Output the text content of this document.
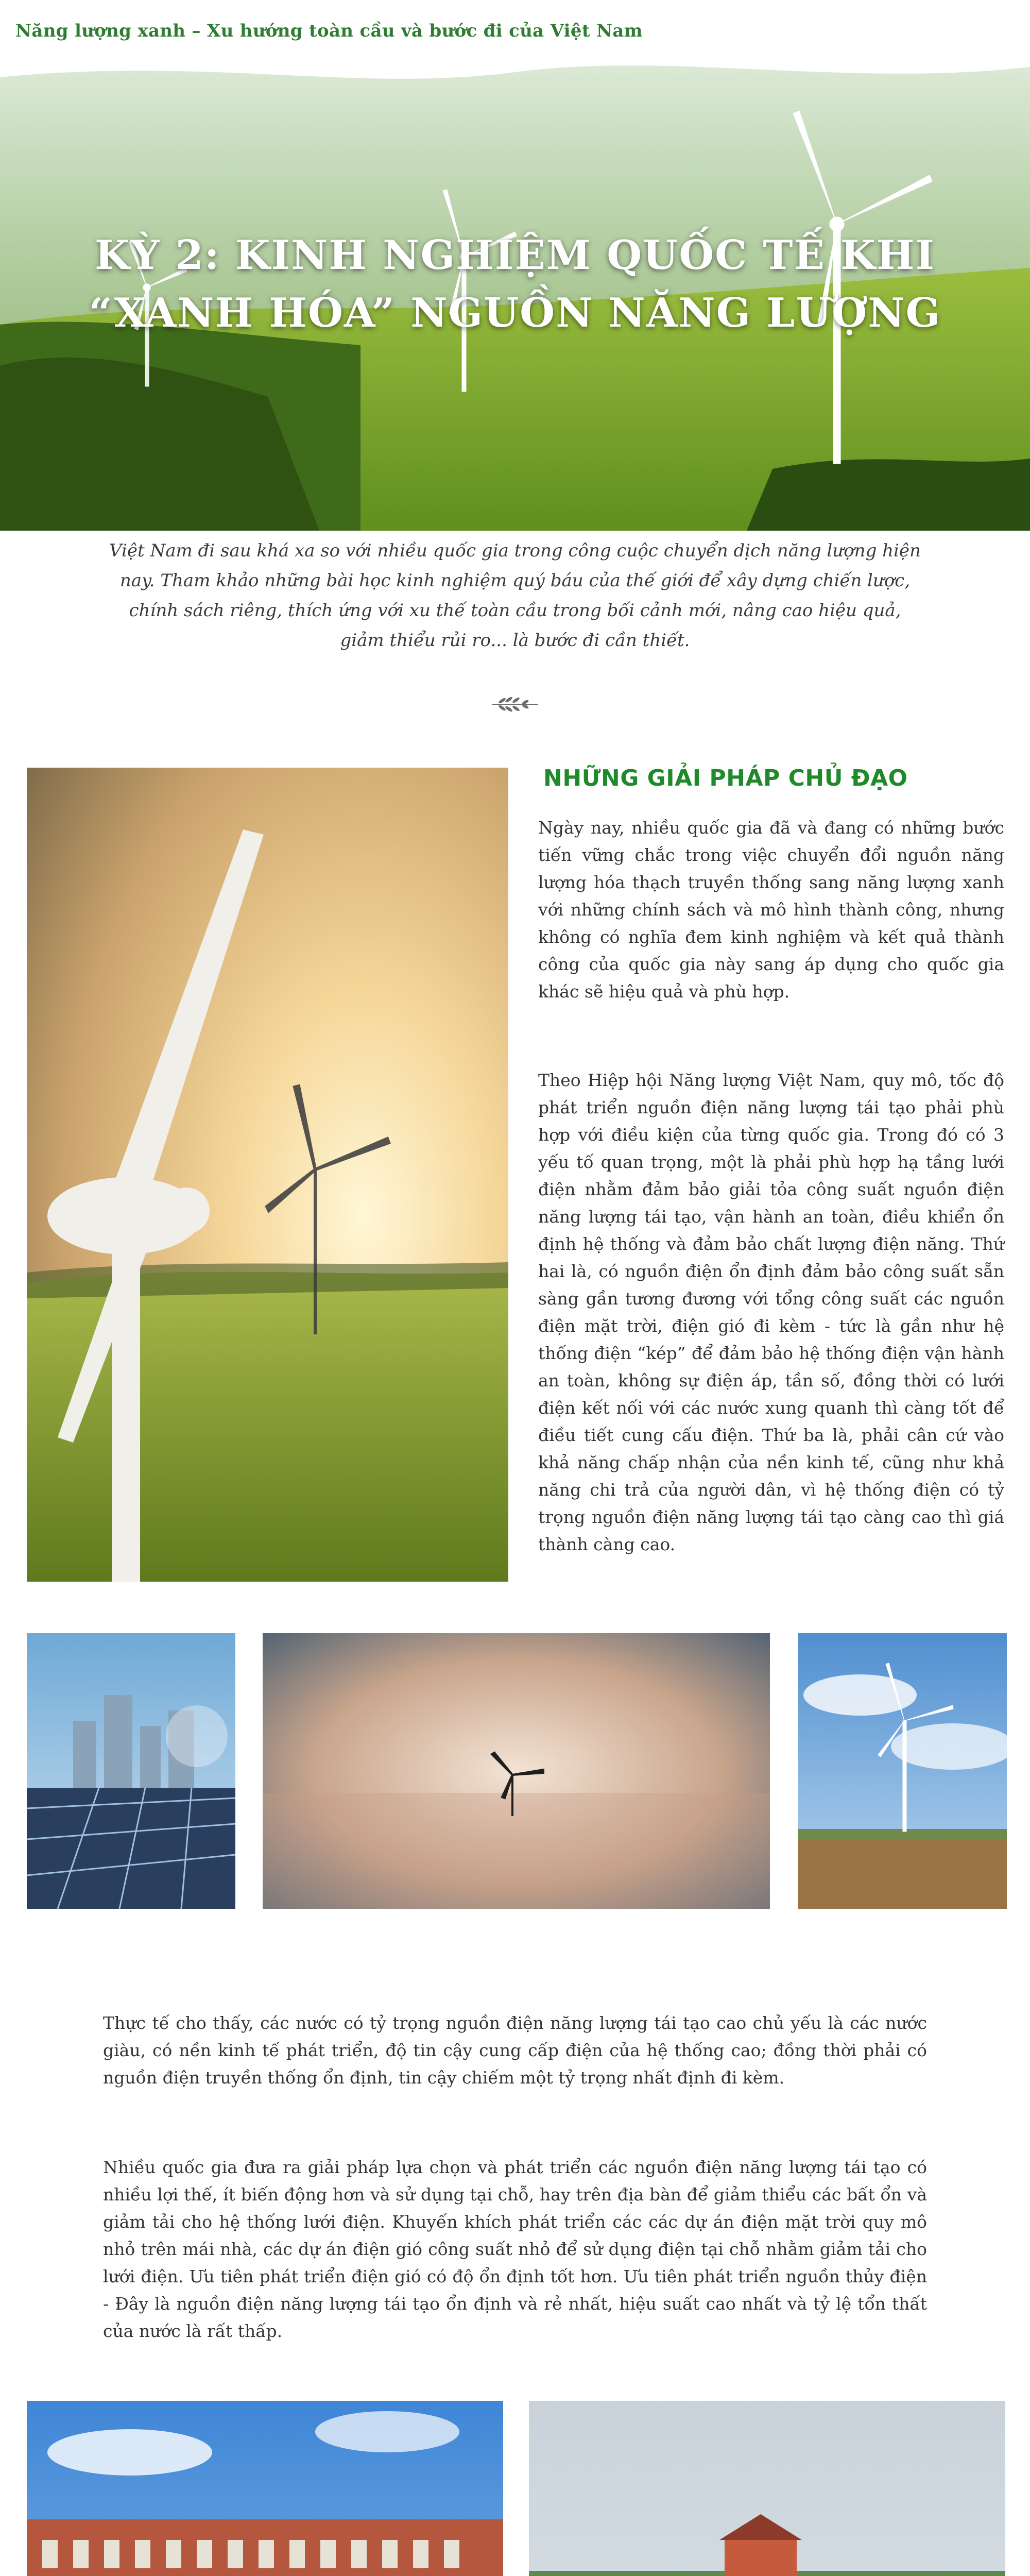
Năng lượng xanh – Xu hướng toàn cầu và bước đi của Việt Nam
KỲ 2: KINH NGHIỆM QUỐC TẾ KHI
“XANH HÓA” NGUỒN NĂNG LƯỢNG
Việt Nam đi sau khá xa so với nhiều quốc gia trong công cuộc chuyển dịch năng lượng hiện nay. Tham khảo những bài học kinh nghiệm quý báu của thế giới để xây dựng chiến lược, chính sách riêng, thích ứng với xu thế toàn cầu trong bối cảnh mới, nâng cao hiệu quả, giảm thiểu rủi ro... là bước đi cần thiết.
NHỮNG GIẢI PHÁP CHỦ ĐẠO

Ngày nay, nhiều quốc gia đã và đang có những bước tiến vững chắc trong việc chuyển đổi nguồn năng lượng hóa thạch truyền thống sang năng lượng xanh với những chính sách và mô hình thành công, nhưng không có nghĩa đem kinh nghiệm và kết quả thành công của quốc gia này sang áp dụng cho quốc gia khác sẽ hiệu quả và phù hợp.

Theo Hiệp hội Năng lượng Việt Nam, quy mô, tốc độ phát triển nguồn điện năng lượng tái tạo phải phù hợp với điều kiện của từng quốc gia. Trong đó có 3 yếu tố quan trọng, một là phải phù hợp hạ tầng lưới điện nhằm đảm bảo giải tỏa công suất nguồn điện năng lượng tái tạo, vận hành an toàn, điều khiển ổn định hệ thống và đảm bảo chất lượng điện năng. Thứ hai là, có nguồn điện ổn định đảm bảo công suất sẵn sàng gần tương đương với tổng công suất các nguồn điện mặt trời, điện gió đi kèm - tức là gần như hệ thống điện “kép” để đảm bảo hệ thống điện vận hành an toàn, không sự điện áp, tần số, đồng thời có lưới điện kết nối với các nước xung quanh thì càng tốt để điều tiết cung cấu điện. Thứ ba là, phải cân cứ vào khả năng chấp nhận của nền kinh tế, cũng như khả năng chi trả của người dân, vì hệ thống điện có tỷ trọng nguồn điện năng lượng tái tạo càng cao thì giá thành càng cao.

Thực tế cho thấy, các nước có tỷ trọng nguồn điện năng lượng tái tạo cao chủ yếu là các nước giàu, có nền kinh tế phát triển, độ tin cậy cung cấp điện của hệ thống cao; đồng thời phải có nguồn điện truyền thống ổn định, tin cậy chiếm một tỷ trọng nhất định đi kèm.

Nhiều quốc gia đưa ra giải pháp lựa chọn và phát triển các nguồn điện năng lượng tái tạo có nhiều lợi thế, ít biến động hơn và sử dụng tại chỗ, hay trên địa bàn để giảm thiểu các bất ổn và giảm tải cho hệ thống lưới điện. Khuyến khích phát triển các các dự án điện mặt trời quy mô nhỏ trên mái nhà, các dự án điện gió công suất nhỏ để sử dụng điện tại chỗ nhằm giảm tải cho lưới điện. Ưu tiên phát triển điện gió có độ ổn định tốt hơn. Ưu tiên phát triển nguồn thủy điện - Đây là nguồn điện năng lượng tái tạo ổn định và rẻ nhất, hiệu suất cao nhất và tỷ lệ tổn thất của nước là rất thấp.
